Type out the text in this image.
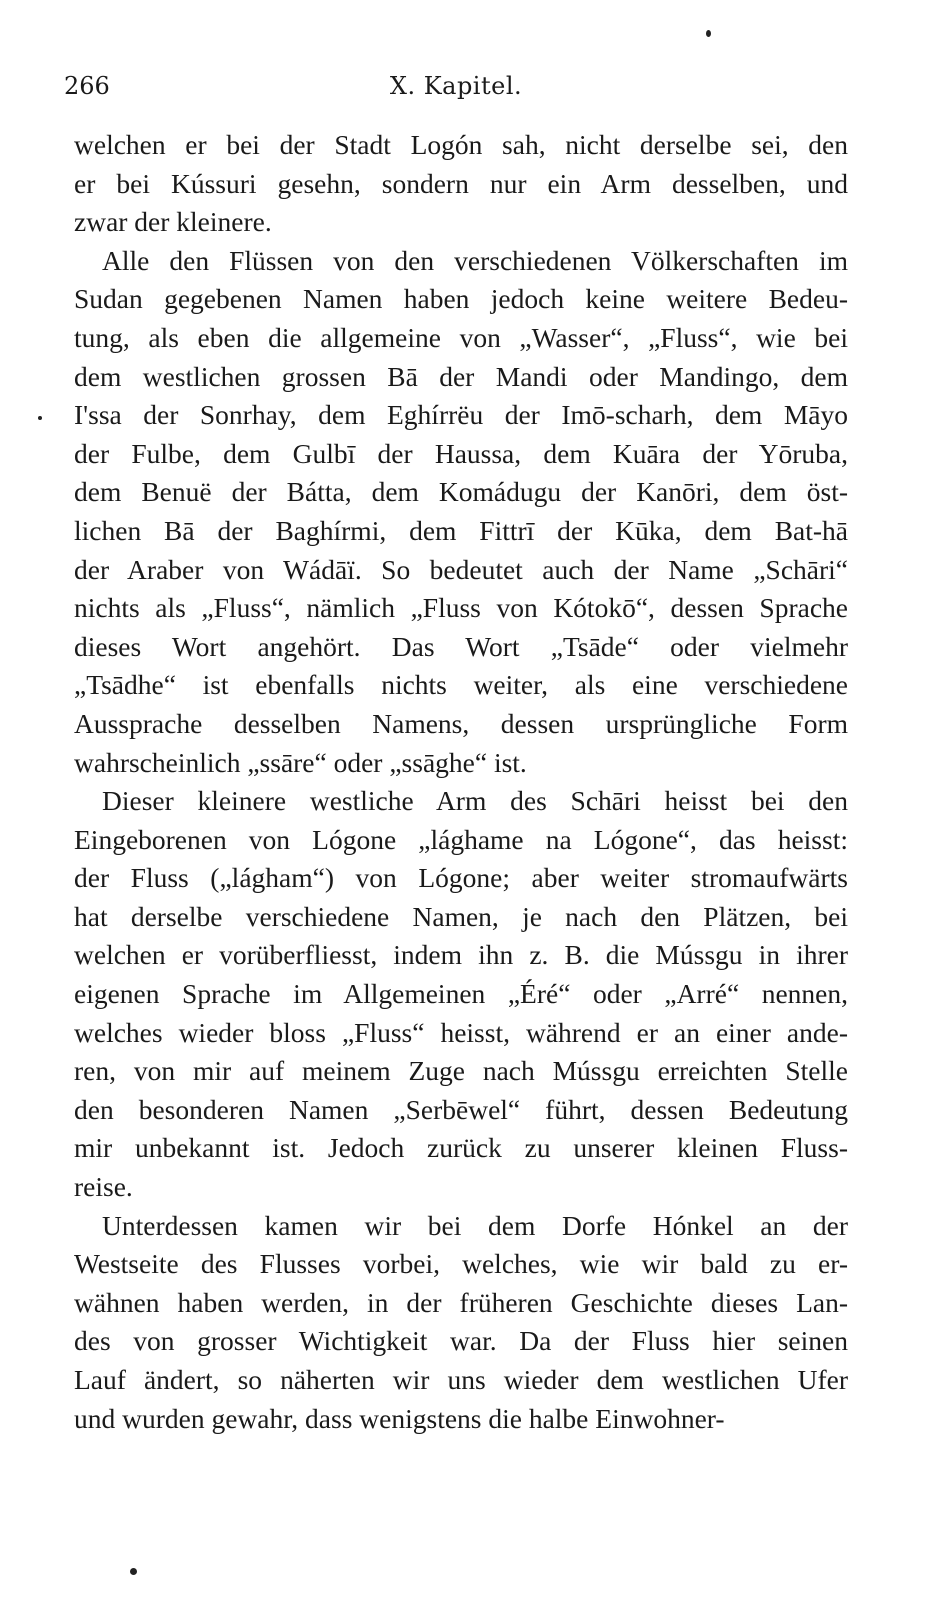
266	X. Kapitel.
welchen er bei der Stadt Logón sah, nicht derselbe sei, den
er bei Kússuri gesehn, sondern nur ein Arm desselben, und
zwar der kleinere.
Alle den Flüssen von den verschiedenen Völkerschaften im
Sudan gegebenen Namen haben jedoch keine weitere Bedeu-
tung, als eben die allgemeine von „Wasser“, „Fluss“, wie bei
dem westlichen grossen Bā der Mandi oder Mandingo, dem
I'ssa der Sonrhay, dem Eghírrëu der Imō-scharh, dem Māyo
der Fulbe, dem Gulbī der Haussa, dem Kuāra der Yōruba,
dem Benuë der Bátta, dem Komádugu der Kanōri, dem öst-
lichen Bā der Baghírmi, dem Fittrī der Kūka, dem Bat-hā
der Araber von Wádāï. So bedeutet auch der Name „Schāri“
nichts als „Fluss“, nämlich „Fluss von Kótokō“, dessen Sprache
dieses Wort angehört. Das Wort „Tsāde“ oder vielmehr
„Tsādhe“ ist ebenfalls nichts weiter, als eine verschiedene
Aussprache desselben Namens, dessen ursprüngliche Form
wahrscheinlich „ssāre“ oder „ssāghe“ ist.
Dieser kleinere westliche Arm des Schāri heisst bei den
Eingeborenen von Lógone „lághame na Lógone“, das heisst:
der Fluss („lágham“) von Lógone; aber weiter stromaufwärts
hat derselbe verschiedene Namen, je nach den Plätzen, bei
welchen er vorüberfliesst, indem ihn z. B. die Mússgu in ihrer
eigenen Sprache im Allgemeinen „Éré“ oder „Arré“ nennen,
welches wieder bloss „Fluss“ heisst, während er an einer ande-
ren, von mir auf meinem Zuge nach Mússgu erreichten Stelle
den besonderen Namen „Serbēwel“ führt, dessen Bedeutung
mir unbekannt ist. Jedoch zurück zu unserer kleinen Fluss-
reise.
Unterdessen kamen wir bei dem Dorfe Hónkel an der
Westseite des Flusses vorbei, welches, wie wir bald zu er-
wähnen haben werden, in der früheren Geschichte dieses Lan-
des von grosser Wichtigkeit war. Da der Fluss hier seinen
Lauf ändert, so näherten wir uns wieder dem westlichen Ufer
und wurden gewahr, dass wenigstens die halbe Einwohner-
